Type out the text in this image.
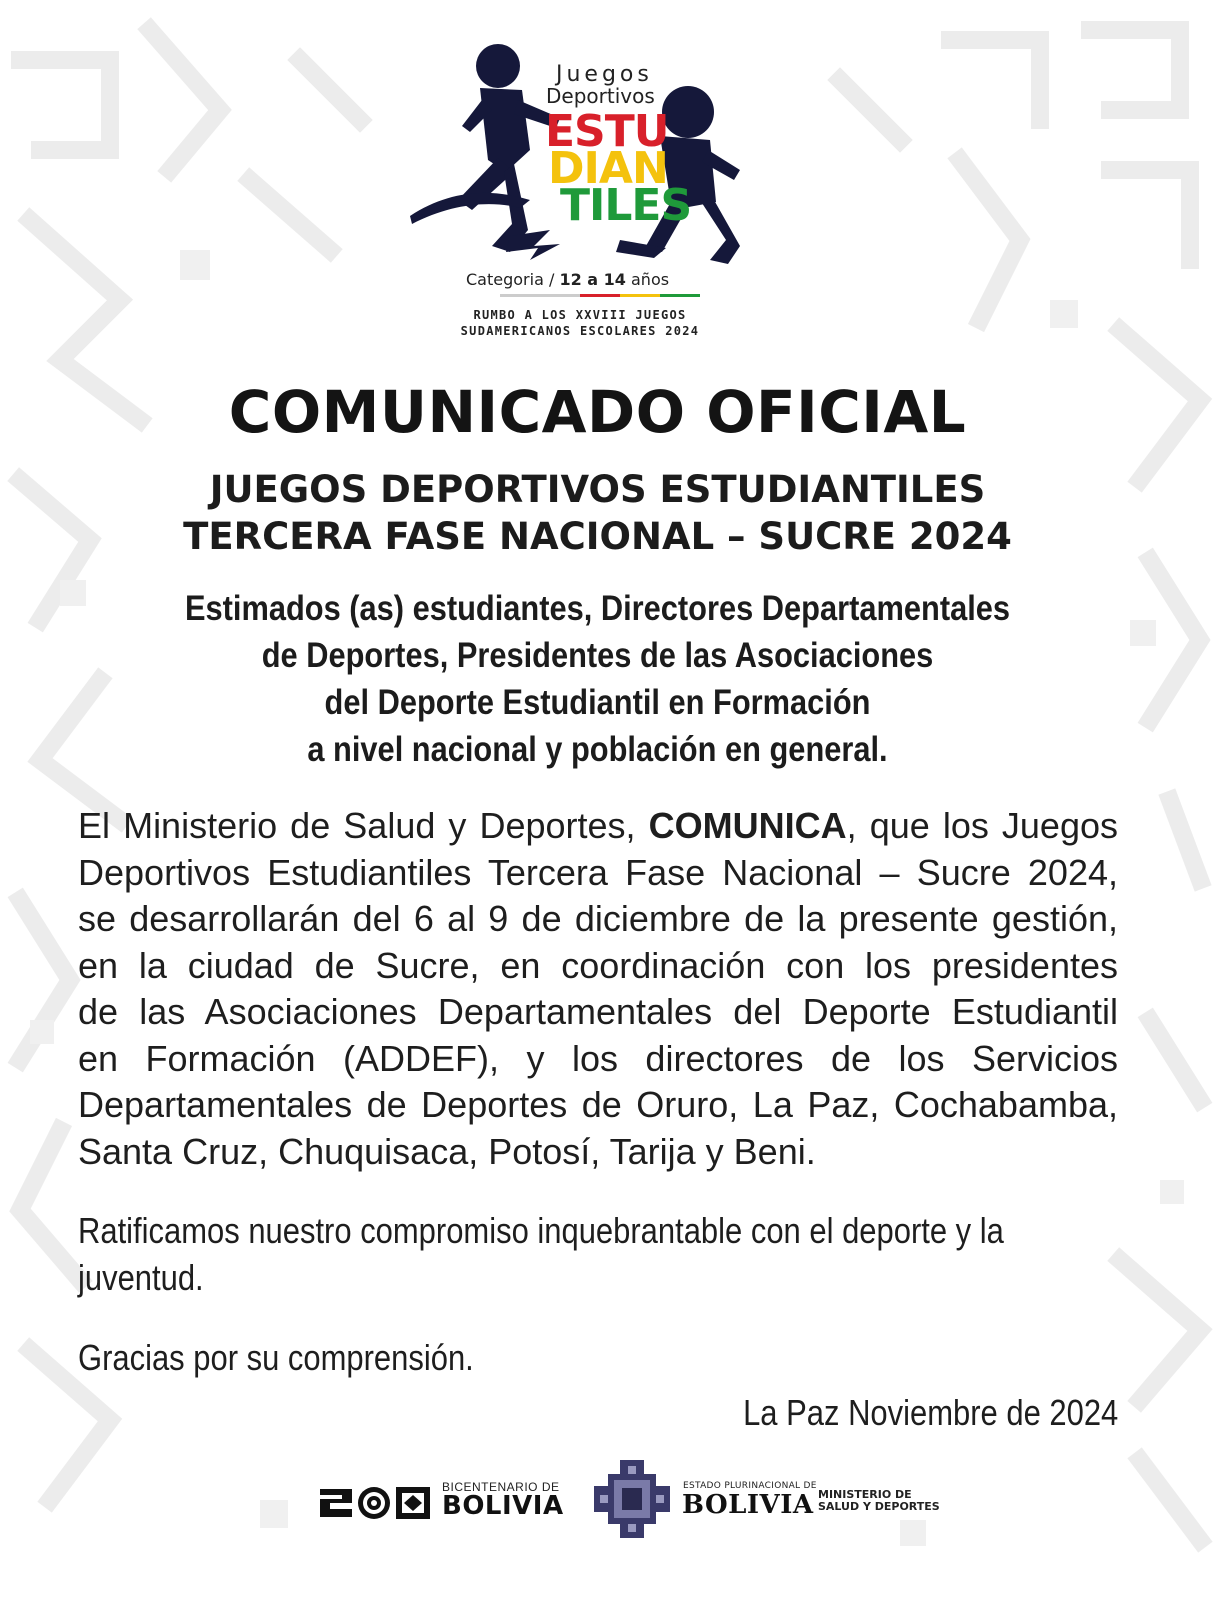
Juegos
Deportivos
ESTU
DIAN
TILES
Categoria / 12 a 14 años
RUMBO A LOS XXVIII JUEGOS
SUDAMERICANOS ESCOLARES 2024
COMUNICADO OFICIAL
JUEGOS DEPORTIVOS ESTUDIANTILES
TERCERA FASE NACIONAL – SUCRE 2024
Estimados (as) estudiantes, Directores Departamentales
de Deportes, Presidentes de las Asociaciones
del Deporte Estudiantil en Formación
a nivel nacional y población en general.
El Ministerio de Salud y Deportes, COMUNICA, que los Juegos
Deportivos Estudiantiles Tercera Fase Nacional – Sucre 2024,
se desarrollarán del 6 al 9 de diciembre de la presente gestión,
en la ciudad de Sucre, en coordinación con los presidentes
de las Asociaciones Departamentales del Deporte Estudiantil
en Formación (ADDEF), y los directores de los Servicios
Departamentales de Deportes de Oruro, La Paz, Cochabamba,
Santa Cruz, Chuquisaca, Potosí, Tarija y Beni.
Ratificamos nuestro compromiso inquebrantable con el deporte y la
juventud.
Gracias por su comprensión.
La Paz Noviembre de 2024
BICENTENARIO DE
BOLIVIA
ESTADO PLURINACIONAL DE
BOLIVIA MINISTERIO DE
SALUD Y DEPORTES
